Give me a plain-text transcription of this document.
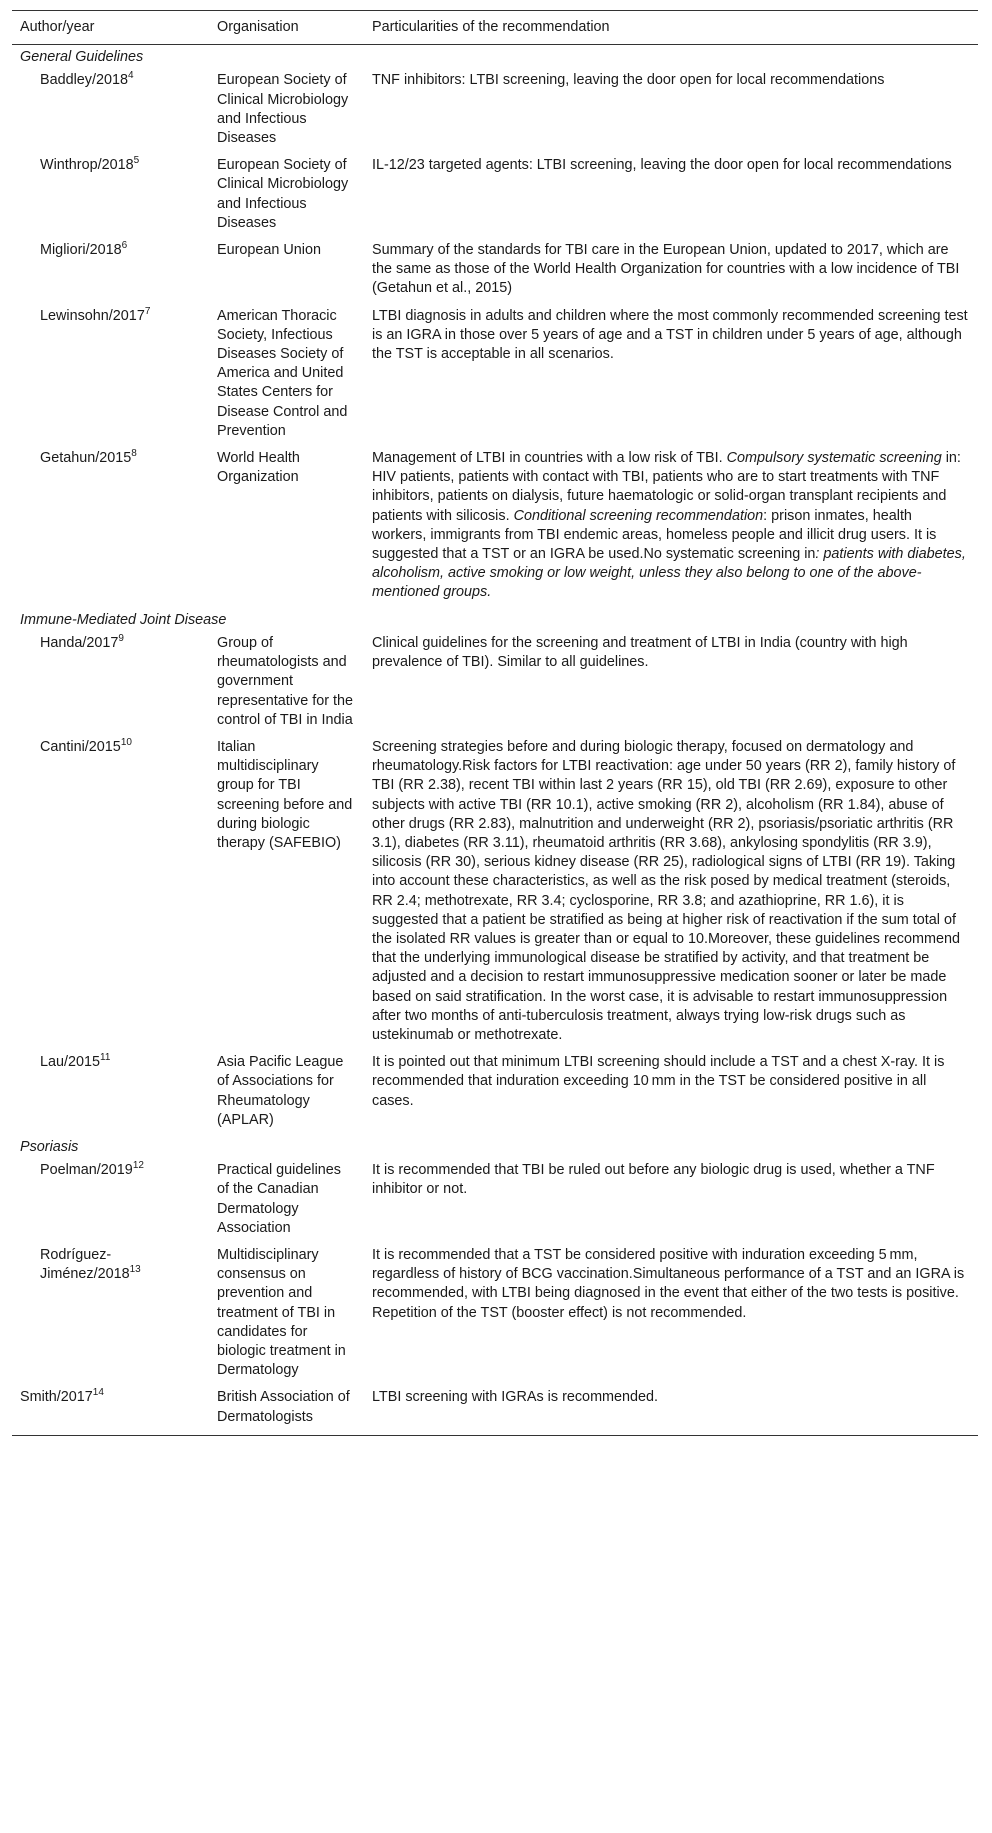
Author/year	Organisation	Particularities of the recommendation
General Guidelines		
Baddley/2018$^4$	European Society of Clinical Microbiology and Infectious Diseases	TNF inhibitors: LTBI screening, leaving the door open for local recommendations
Winthrop/2018$^5$	European Society of Clinical Microbiology and Infectious Diseases	IL-12/23 targeted agents: LTBI screening, leaving the door open for local recommendations
Migliori/2018$^6$	European Union	Summary of the standards for TBI care in the European Union, updated to 2017, which are the same as those of the World Health Organization for countries with a low incidence of TBI (Getahun et al., 2015)
Lewinsohn/2017$^7$	American Thoracic Society, Infectious Diseases Society of America and United States Centers for Disease Control and Prevention	LTBI diagnosis in adults and children where the most commonly recommended screening test is an IGRA in those over 5 years of age and a TST in children under 5 years of age, although the TST is acceptable in all scenarios.
Getahun/2015$^8$	World Health Organization	Management of LTBI in countries with a low risk of TBI. Compulsory systematic screening in: HIV patients, patients with contact with TBI, patients who are to start treatments with TNF inhibitors, patients on dialysis, future haematologic or solid-organ transplant recipients and patients with silicosis. Conditional screening recommendation: prison inmates, health workers, immigrants from TBI endemic areas, homeless people and illicit drug users. It is suggested that a TST or an IGRA be used.No systematic screening in: patients with diabetes, alcoholism, active smoking or low weight, unless they also belong to one of the above-mentioned groups.
Immune-Mediated Joint Disease		
Handa/2017$^9$	Group of rheumatologists and government representative for the control of TBI in India	Clinical guidelines for the screening and treatment of LTBI in India (country with high prevalence of TBI). Similar to all guidelines.
Cantini/2015$^{10}$	Italian multidisciplinary group for TBI screening before and during biologic therapy (SAFEBIO)	Screening strategies before and during biologic therapy, focused on dermatology and rheumatology.Risk factors for LTBI reactivation: age under 50 years (RR 2), family history of TBI (RR 2.38), recent TBI within last 2 years (RR 15), old TBI (RR 2.69), exposure to other subjects with active TBI (RR 10.1), active smoking (RR 2), alcoholism (RR 1.84), abuse of other drugs (RR 2.83), malnutrition and underweight (RR 2), psoriasis/psoriatic arthritis (RR 3.1), diabetes (RR 3.11), rheumatoid arthritis (RR 3.68), ankylosing spondylitis (RR 3.9), silicosis (RR 30), serious kidney disease (RR 25), radiological signs of LTBI (RR 19). Taking into account these characteristics, as well as the risk posed by medical treatment (steroids, RR 2.4; methotrexate, RR 3.4; cyclosporine, RR 3.8; and azathioprine, RR 1.6), it is suggested that a patient be stratified as being at higher risk of reactivation if the sum total of the isolated RR values is greater than or equal to 10.Moreover, these guidelines recommend that the underlying immunological disease be stratified by activity, and that treatment be adjusted and a decision to restart immunosuppressive medication sooner or later be made based on said stratification. In the worst case, it is advisable to restart immunosuppression after two months of anti-tuberculosis treatment, always trying low-risk drugs such as ustekinumab or methotrexate.
Lau/2015$^{11}$	Asia Pacific League of Associations for Rheumatology (APLAR)	It is pointed out that minimum LTBI screening should include a TST and a chest X-ray. It is recommended that induration exceeding 10 mm in the TST be considered positive in all cases.
Psoriasis		
Poelman/2019$^{12}$	Practical guidelines of the Canadian Dermatology Association	It is recommended that TBI be ruled out before any biologic drug is used, whether a TNF inhibitor or not.
Rodríguez-Jiménez/2018$^{13}$	Multidisciplinary consensus on prevention and treatment of TBI in candidates for biologic treatment in Dermatology	It is recommended that a TST be considered positive with induration exceeding 5 mm, regardless of history of BCG vaccination.Simultaneous performance of a TST and an IGRA is recommended, with LTBI being diagnosed in the event that either of the two tests is positive. Repetition of the TST (booster effect) is not recommended.
Smith/2017$^{14}$	British Association of Dermatologists	LTBI screening with IGRAs is recommended.
